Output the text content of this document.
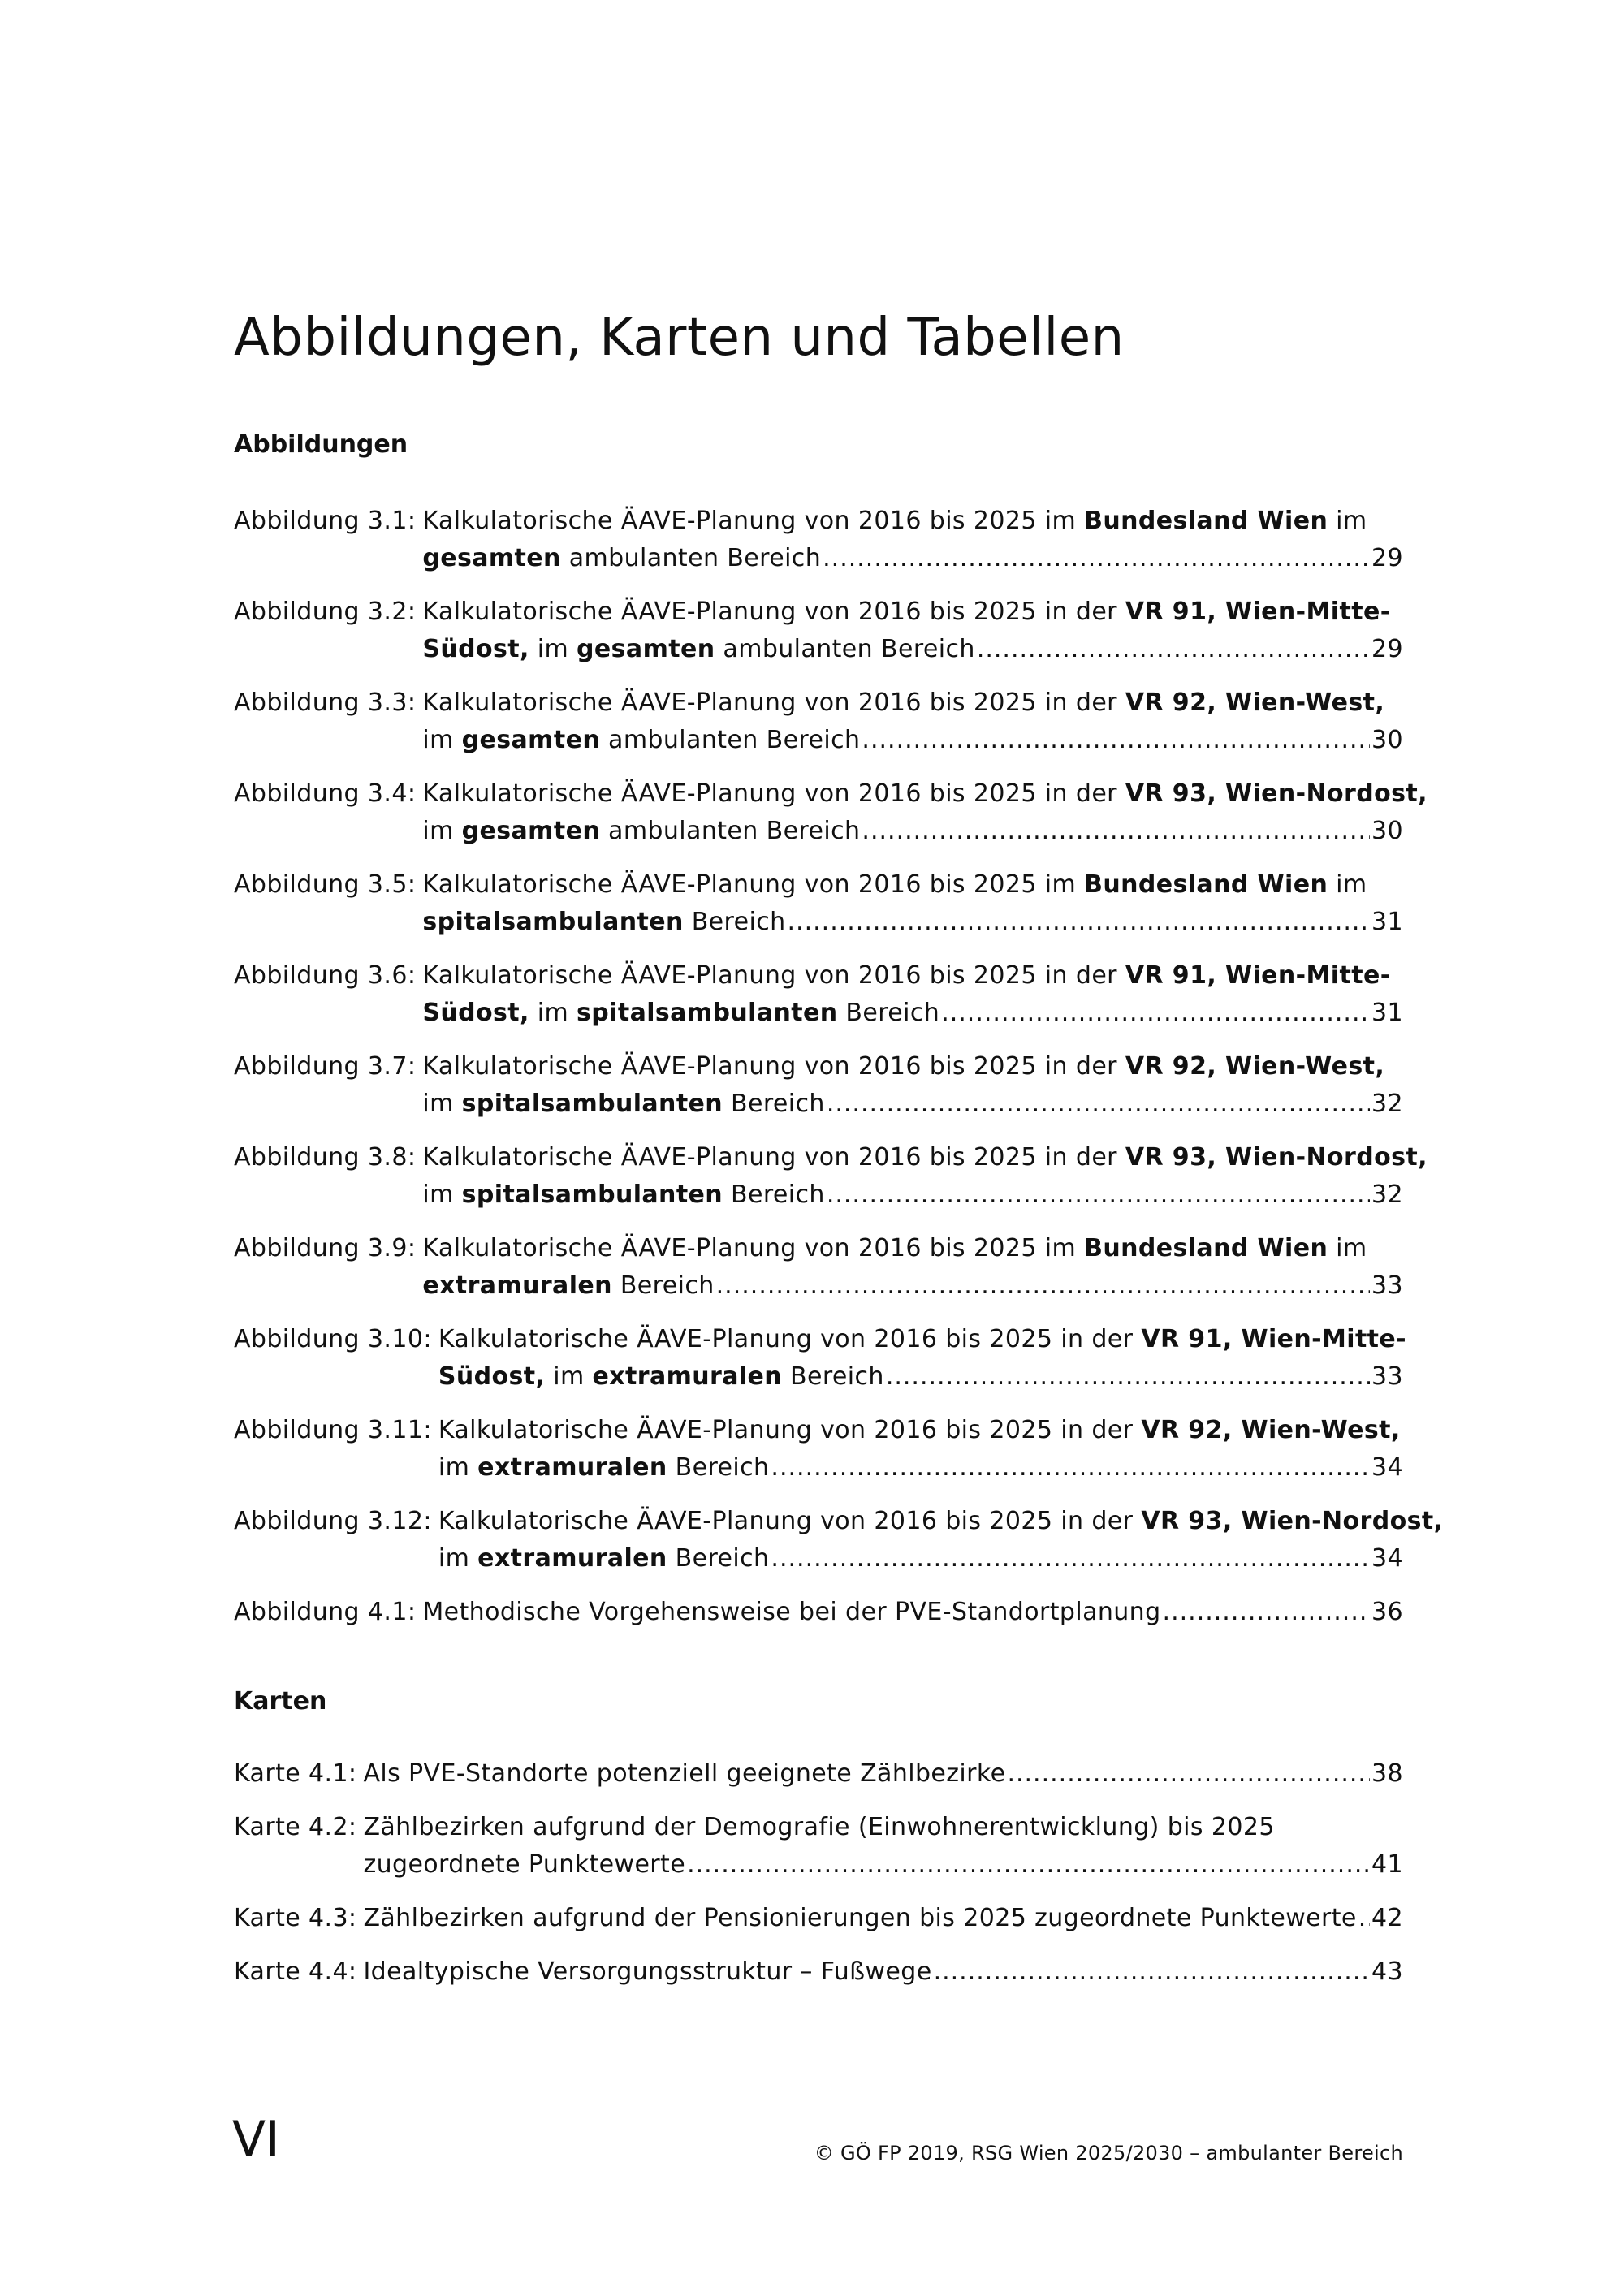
Abbildungen, Karten und Tabellen
Abbildungen
Abbildung 3.1: Kalkulatorische ÄAVE-Planung von 2016 bis 2025 im Bundesland Wien im
gesamten ambulanten Bereich .....	29
Abbildung 3.2: Kalkulatorische ÄAVE-Planung von 2016 bis 2025 in der VR 91, Wien-Mitte-
Südost, im gesamten ambulanten Bereich .....	29
Abbildung 3.3: Kalkulatorische ÄAVE-Planung von 2016 bis 2025 in der VR 92, Wien-West,
im gesamten ambulanten Bereich .....	30
Abbildung 3.4: Kalkulatorische ÄAVE-Planung von 2016 bis 2025 in der VR 93, Wien-Nordost,
im gesamten ambulanten Bereich .....	30
Abbildung 3.5: Kalkulatorische ÄAVE-Planung von 2016 bis 2025 im Bundesland Wien im
spitalsambulanten Bereich .....	31
Abbildung 3.6: Kalkulatorische ÄAVE-Planung von 2016 bis 2025 in der VR 91, Wien-Mitte-
Südost, im spitalsambulanten Bereich .....	31
Abbildung 3.7: Kalkulatorische ÄAVE-Planung von 2016 bis 2025 in der VR 92, Wien-West,
im spitalsambulanten Bereich .....	32
Abbildung 3.8: Kalkulatorische ÄAVE-Planung von 2016 bis 2025 in der VR 93, Wien-Nordost,
im spitalsambulanten Bereich .....	32
Abbildung 3.9: Kalkulatorische ÄAVE-Planung von 2016 bis 2025 im Bundesland Wien im
extramuralen Bereich .....	33
Abbildung 3.10: Kalkulatorische ÄAVE-Planung von 2016 bis 2025 in der VR 91, Wien-Mitte-
Südost, im extramuralen Bereich .....	33
Abbildung 3.11: Kalkulatorische ÄAVE-Planung von 2016 bis 2025 in der VR 92, Wien-West,
im extramuralen Bereich .....	34
Abbildung 3.12: Kalkulatorische ÄAVE-Planung von 2016 bis 2025 in der VR 93, Wien-Nordost,
im extramuralen Bereich .....	34
Abbildung 4.1: Methodische Vorgehensweise bei der PVE-Standortplanung .....	36
Karten
Karte 4.1: Als PVE-Standorte potenziell geeignete Zählbezirke .....	38
Karte 4.2: Zählbezirken aufgrund der Demografie (Einwohnerentwicklung) bis 2025
zugeordnete Punktewerte .....	41
Karte 4.3: Zählbezirken aufgrund der Pensionierungen bis 2025 zugeordnete Punktewerte ..... 42
Karte 4.4: Idealtypische Versorgungsstruktur – Fußwege .....	43
VI	© GÖ FP 2019, RSG Wien 2025/2030 – ambulanter Bereich
